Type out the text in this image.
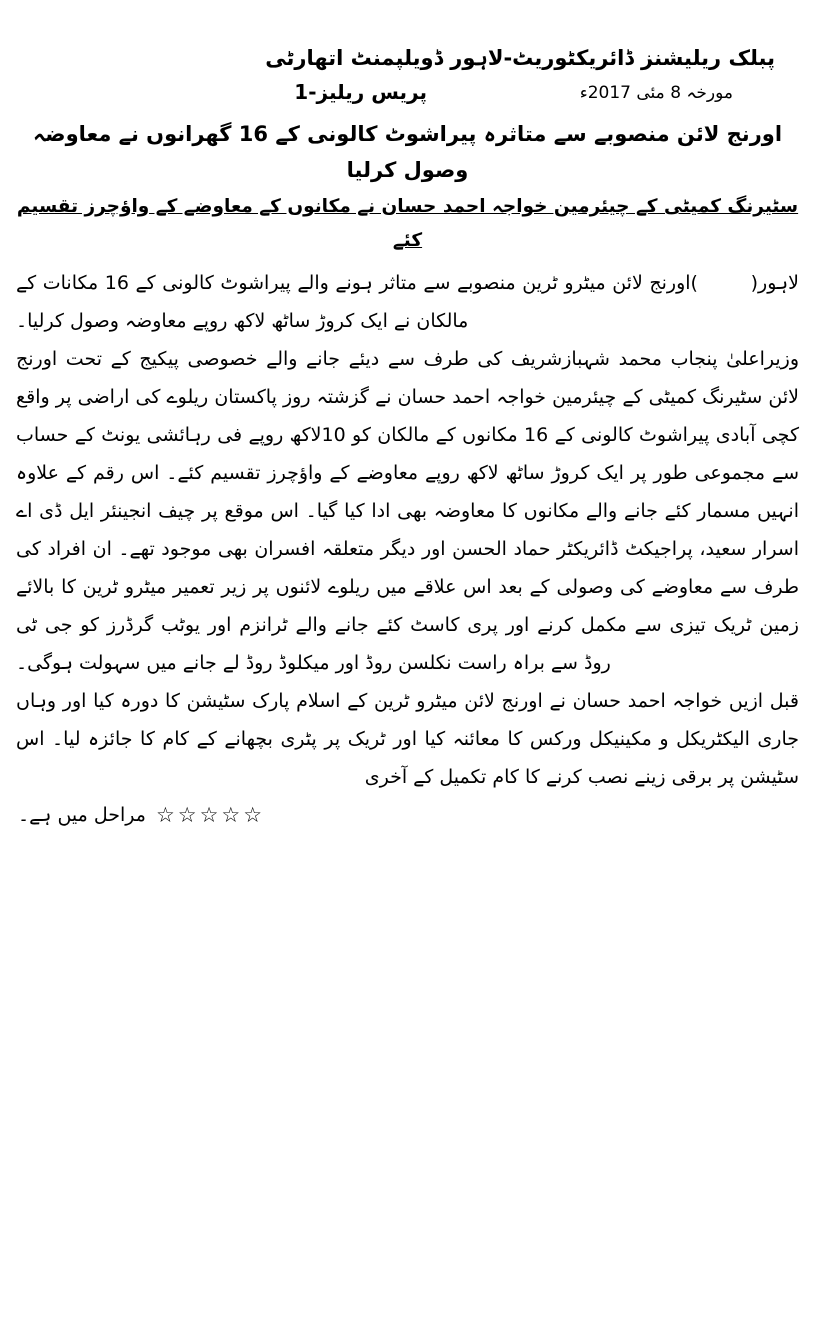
پبلک ریلیشنز ڈائریکٹوریٹ-لاہور ڈویلپمنٹ اتھارٹی
پریس ریلیز-1	مورخہ 8 مئی 2017ء
اورنج لائن منصوبے سے متاثرہ پیراشوٹ کالونی کے 16 گھرانوں نے معاوضہ وصول کرلیا
سٹیرنگ کمیٹی کے چیئرمین خواجہ احمد حسان نے مکانوں کے معاوضے کے واؤچرز تقسیم کئے

لاہور(        )اورنج لائن میٹرو ٹرین منصوبے سے متاثر ہونے والے پیراشوٹ کالونی کے 16 مکانات کے مالکان نے ایک کروڑ ساٹھ لاکھ روپے معاوضہ وصول کرلیا۔

وزیراعلیٰ پنجاب محمد شہبازشریف کی طرف سے دیئے جانے والے خصوصی پیکیج کے تحت اورنج لائن سٹیرنگ کمیٹی کے چیئرمین خواجہ احمد حسان نے گزشتہ روز پاکستان ریلوے کی اراضی پر واقع کچی آبادی پیراشوٹ کالونی کے 16 مکانوں کے مالکان کو 10لاکھ روپے فی رہائشی یونٹ کے حساب سے مجموعی طور پر ایک کروڑ ساٹھ لاکھ روپے معاوضے کے واؤچرز تقسیم کئے۔ اس رقم کے علاوہ انہیں مسمار کئے جانے والے مکانوں کا معاوضہ بھی ادا کیا گیا۔ اس موقع پر چیف انجینئر ایل ڈی اے اسرار سعید، پراجیکٹ ڈائریکٹر حماد الحسن اور دیگر متعلقہ افسران بھی موجود تھے۔ ان افراد کی طرف سے معاوضے کی وصولی کے بعد اس علاقے میں ریلوے لائنوں پر زیر تعمیر میٹرو ٹرین کا بالائے زمین ٹریک تیزی سے مکمل کرنے اور پری کاسٹ کئے جانے والے ٹرانزم اور یوٹب گرڈرز کو جی ٹی روڈ سے براہ راست نکلسن روڈ اور میکلوڈ روڈ لے جانے میں سہولت ہوگی۔

قبل ازیں خواجہ احمد حسان نے اورنج لائن میٹرو ٹرین کے اسلام پارک سٹیشن کا دورہ کیا اور وہاں جاری الیکٹریکل و مکینیکل ورکس کا معائنہ کیا اور ٹریک پر پٹری بچھانے کے کام کا جائزہ لیا۔ اس سٹیشن پر برقی زینے نصب کرنے کا کام تکمیل کے آخری

مراحل میں ہے۔ ☆☆☆☆☆
